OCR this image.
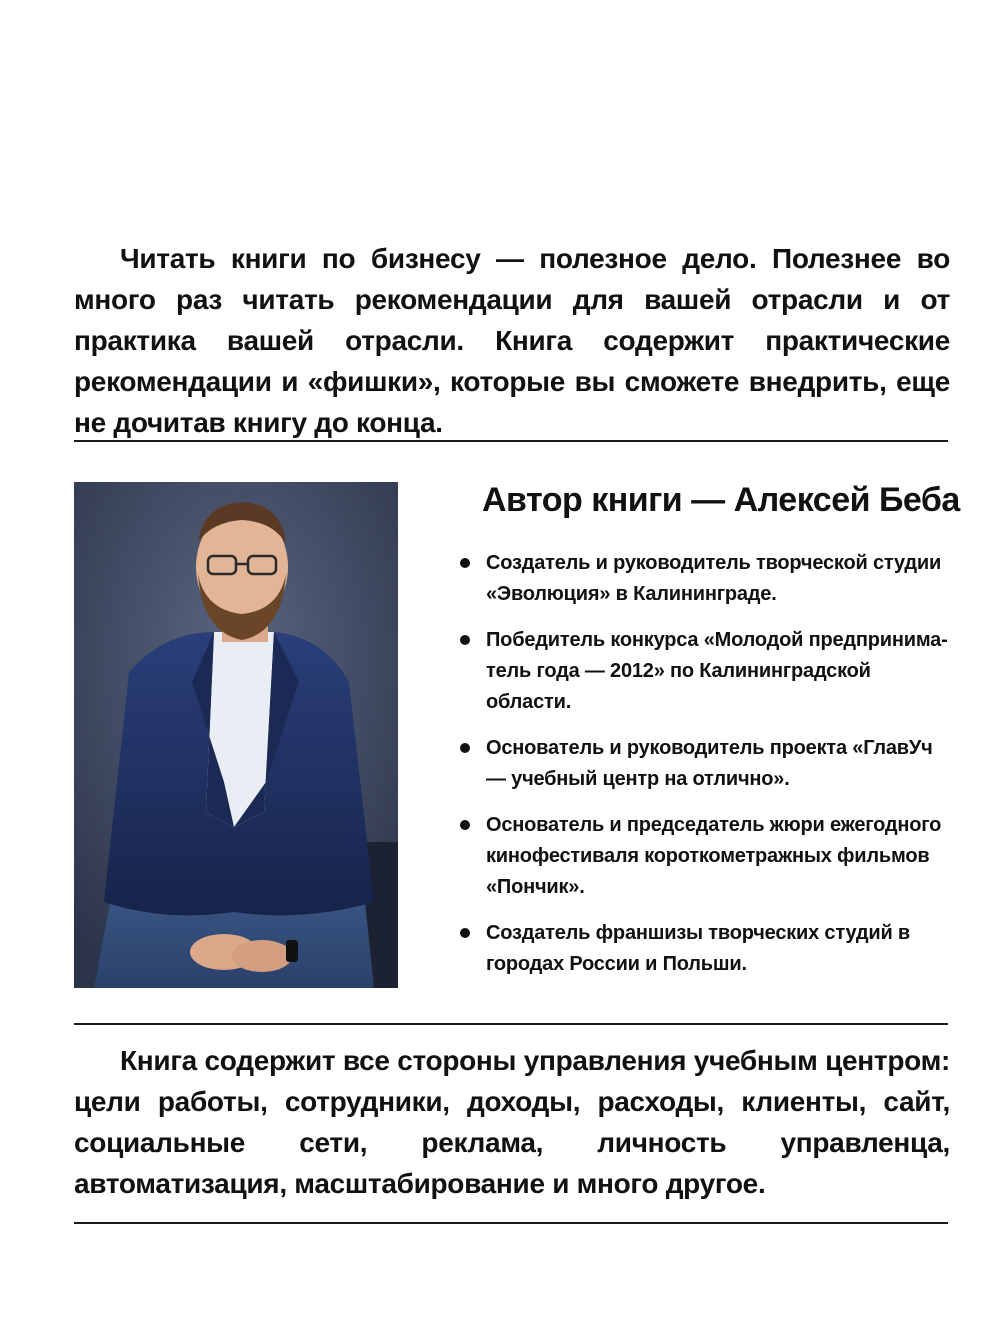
Читать книги по бизнесу — полезное дело. Полезнее во много раз читать рекомендации для вашей отрасли и от практика вашей отрасли. Книга содержит практические рекомендации и «фишки», которые вы сможете внедрить, еще не дочитав книгу до конца.

Автор книги — Алексей Беба
Создатель и руководитель творческой студии «Эволюция» в Калининграде.
Победитель конкурса «Молодой предпринима-тель года — 2012» по Калининградской области.
Основатель и руководитель проекта «ГлавУч — учебный центр на отлично».
Основатель и председатель жюри ежегодного кинофестиваля короткометражных фильмов «Пончик».
Создатель франшизы творческих студий в городах России и Польши.

Книга содержит все стороны управления учебным центром: цели работы, сотрудники, доходы, расходы, клиенты, сайт, социальные сети, реклама, личность управленца, автоматизация, масштабирование и много другое.
